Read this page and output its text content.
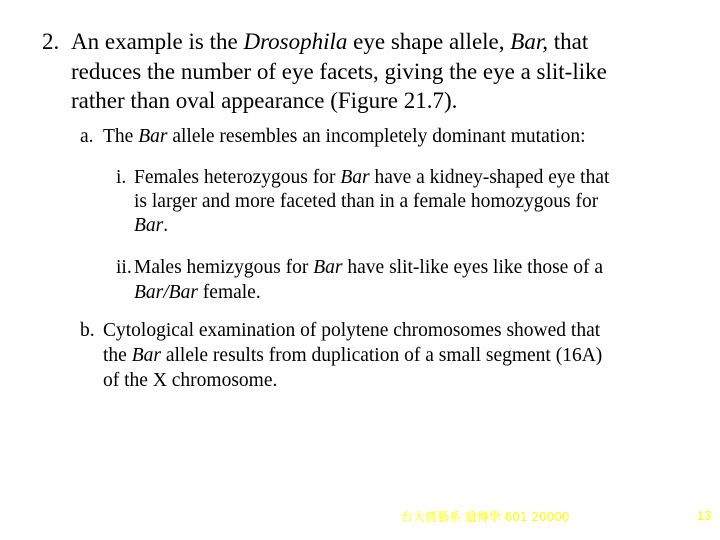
2. An example is the Drosophila eye shape allele, Bar, that
reduces the number of eye facets, giving the eye a slit-like
rather than oval appearance (Figure 21.7).
a. The Bar allele resembles an incompletely dominant mutation:
i. Females heterozygous for Bar have a kidney-shaped eye that
is larger and more faceted than in a female homozygous for
Bar.
ii. Males hemizygous for Bar have slit-like eyes like those of a
Bar/Bar female.
b. Cytological examination of polytene chromosomes showed that
the Bar allele results from duplication of a small segment (16A)
of the X chromosome.
台大農藝系 遺傳學 601 20000	13
